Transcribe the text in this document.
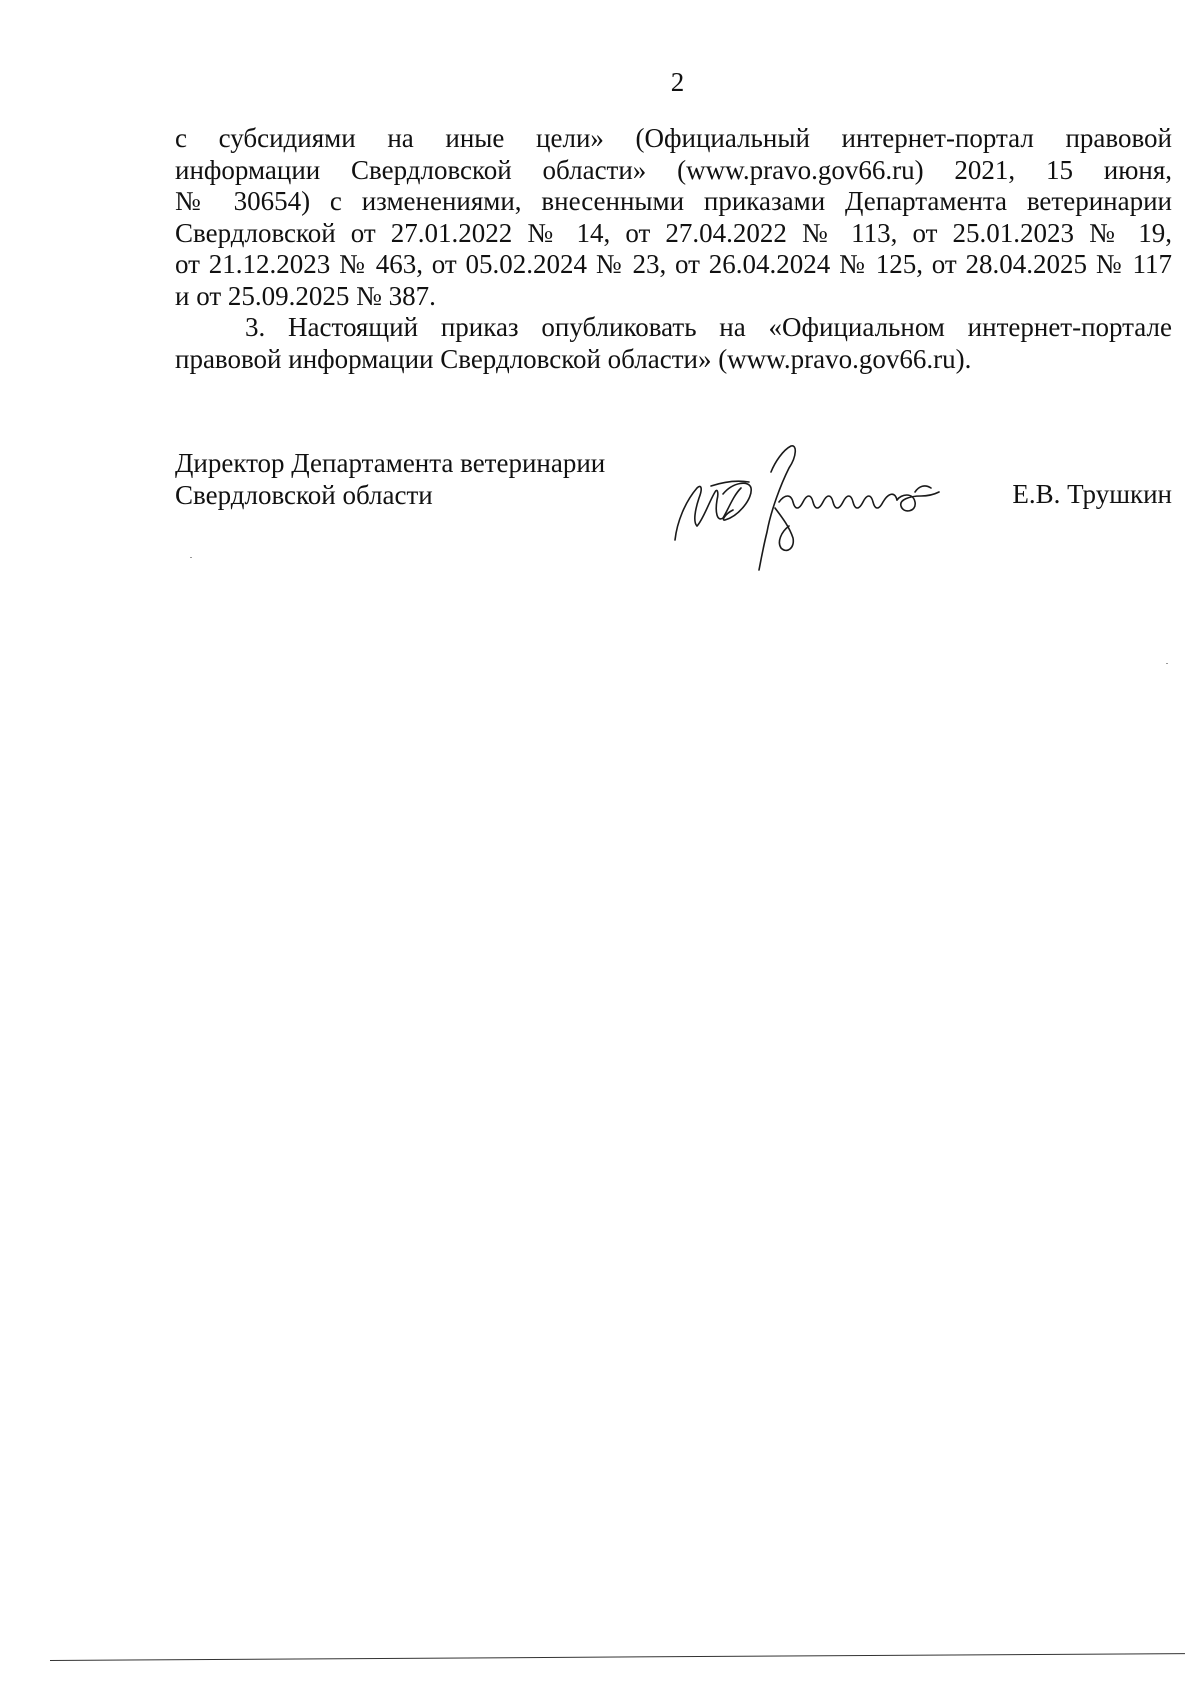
2
с субсидиями на иные цели» (Официальный интернет-портал правовой
информации Свердловской области» (www.pravo.gov66.ru) 2021, 15 июня,
№ 30654) с изменениями, внесенными приказами Департамента ветеринарии
Свердловской от 27.01.2022 № 14, от 27.04.2022 № 113, от 25.01.2023 № 19,
от 21.12.2023 № 463, от 05.02.2024 № 23, от 26.04.2024 № 125, от 28.04.2025 № 117
и от 25.09.2025 № 387.
3. Настоящий приказ опубликовать на «Официальном интернет-портале
правовой информации Свердловской области» (www.pravo.gov66.ru).
Директор Департамента ветеринарии
Свердловской области	Е.В. Трушкин
